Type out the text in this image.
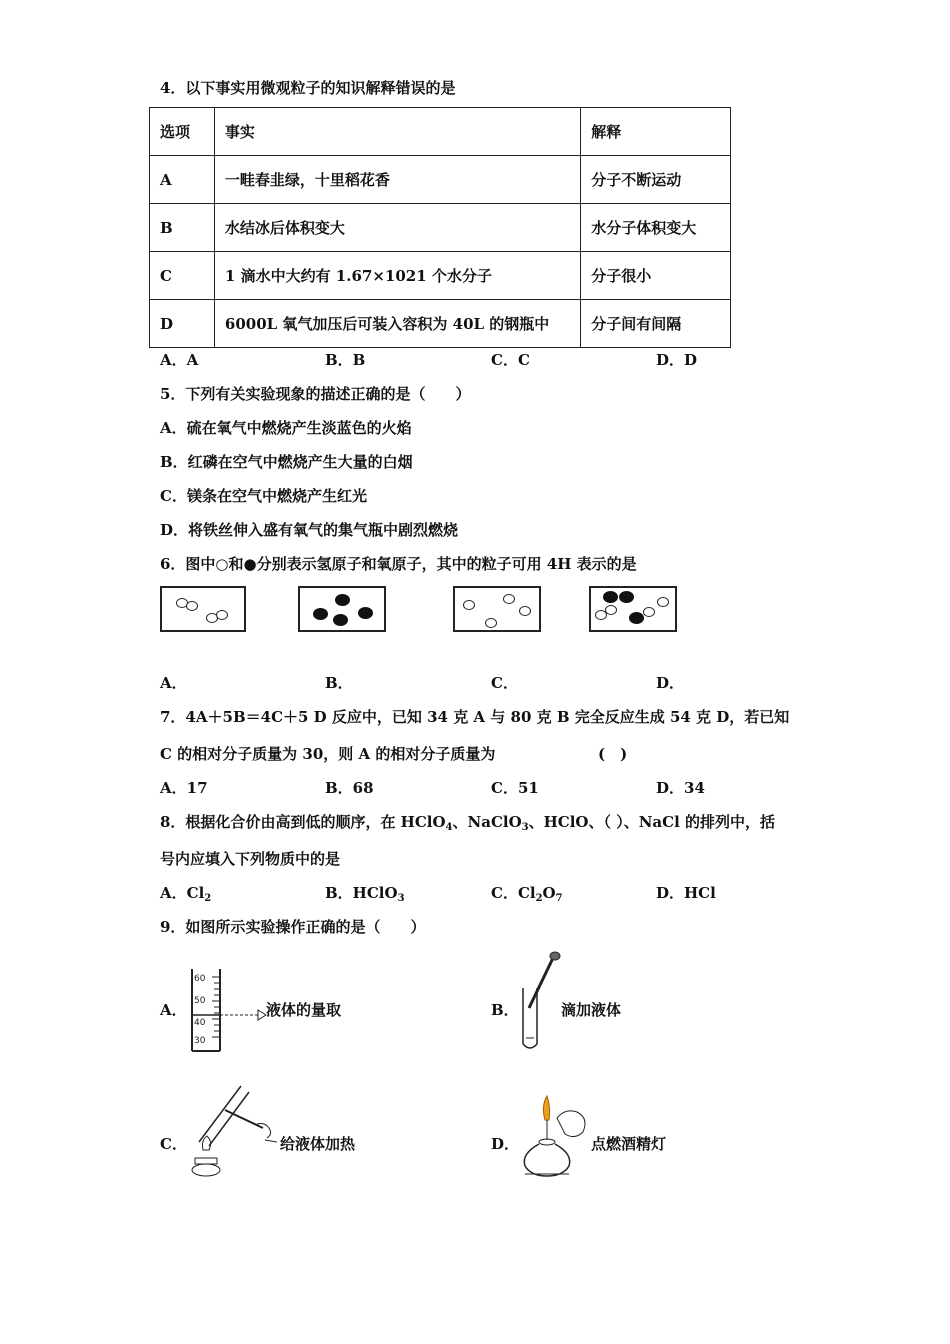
4．以下事实用微观粒子的知识解释错误的是
选项	事实	解释
A	一畦春韭绿，十里稻花香	分子不断运动
B	水结冰后体积变大	水分子体积变大
C	1 滴水中大约有 1.67×1021 个水分子	分子很小
D	6000L 氧气加压后可装入容积为 40L 的钢瓶中	分子间有间隔
A．A	B．B	C．C	D．D
5．下列有关实验现象的描述正确的是（　　）
A．硫在氧气中燃烧产生淡蓝色的火焰
B．红磷在空气中燃烧产生大量的白烟
C．镁条在空气中燃烧产生红光
D．将铁丝伸入盛有氧气的集气瓶中剧烈燃烧
6．图中○和●分别表示氢原子和氧原子，其中的粒子可用 4H 表示的是
A．	B．	C．	D．
7．4A＋5B＝4C＋5 D 反应中，已知 34 克 A 与 80 克 B 完全反应生成 54 克 D，若已知
C 的相对分子质量为 30，则 A 的相对分子质量为	(　)
A．17	B．68	C．51	D．34
8．根据化合价由高到低的顺序，在 HClO$_4$、NaClO$_3$、HClO、（ ）、NaCl 的排列中，括
号内应填入下列物质中的是
A．$Cl_2$	B．HClO$_3$	C．$Cl_2O_7$	D．HCl
9．如图所示实验操作正确的是（　　）
A．
60
50
40
30
液体的量取	B．	滴加液体
C．	给液体加热	D．	点燃酒精灯
